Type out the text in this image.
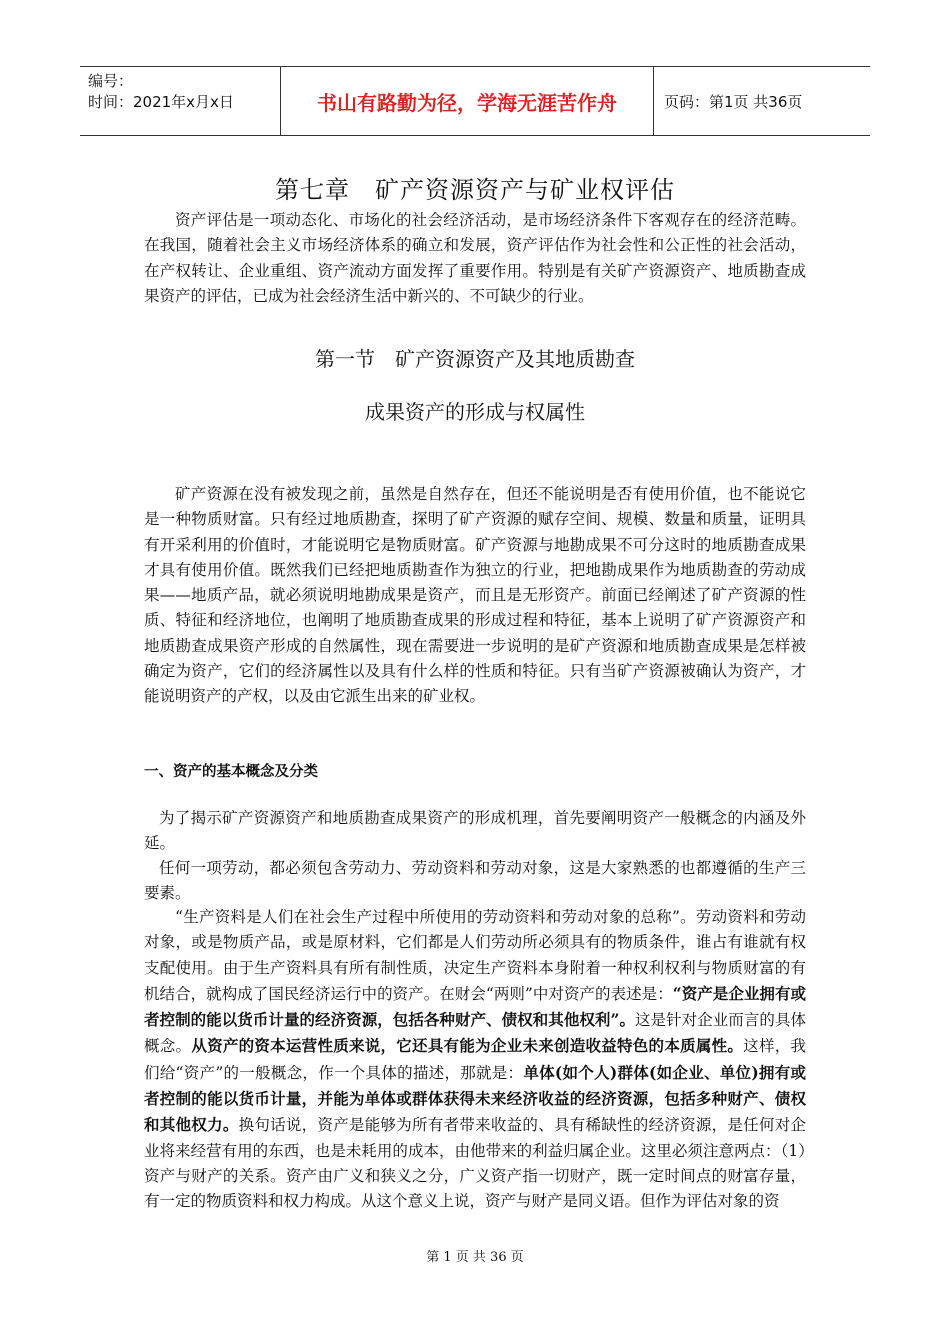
编号：
时间：2021年x月x日	书山有路勤为径，学海无涯苦作舟	页码：第1页 共36页
第七章　矿产资源资产与矿业权评估

资产评估是一项动态化、市场化的社会经济活动，是市场经济条件下客观存在的经济范畴。在我国，随着社会主义市场经济体系的确立和发展，资产评估作为社会性和公正性的社会活动，在产权转让、企业重组、资产流动方面发挥了重要作用。特别是有关矿产资源资产、地质勘查成果资产的评估，已成为社会经济生活中新兴的、不可缺少的行业。

第一节　矿产资源资产及其地质勘查
成果资产的形成与权属性

矿产资源在没有被发现之前，虽然是自然存在，但还不能说明是否有使用价值，也不能说它是一种物质财富。只有经过地质勘查，探明了矿产资源的赋存空间、规模、数量和质量，证明具有开采利用的价值时，才能说明它是物质财富。矿产资源与地勘成果不可分这时的地质勘查成果才具有使用价值。既然我们已经把地质勘查作为独立的行业，把地勘成果作为地质勘查的劳动成果——地质产品，就必须说明地勘成果是资产，而且是无形资产。前面已经阐述了矿产资源的性质、特征和经济地位，也阐明了地质勘查成果的形成过程和特征，基本上说明了矿产资源资产和地质勘查成果资产形成的自然属性，现在需要进一步说明的是矿产资源和地质勘查成果是怎样被确定为资产，它们的经济属性以及具有什么样的性质和特征。只有当矿产资源被确认为资产，才能说明资产的产权，以及由它派生出来的矿业权。

一、资产的基本概念及分类

为了揭示矿产资源资产和地质勘查成果资产的形成机理，首先要阐明资产一般概念的内涵及外延。

任何一项劳动，都必须包含劳动力、劳动资料和劳动对象，这是大家熟悉的也都遵循的生产三要素。

“生产资料是人们在社会生产过程中所使用的劳动资料和劳动对象的总称”。劳动资料和劳动对象，或是物质产品，或是原材料，它们都是人们劳动所必须具有的物质条件，谁占有谁就有权支配使用。由于生产资料具有所有制性质，决定生产资料本身附着一种权利权利与物质财富的有机结合，就构成了国民经济运行中的资产。在财会“两则”中对资产的表述是：“资产是企业拥有或者控制的能以货币计量的经济资源，包括各种财产、债权和其他权利”。这是针对企业而言的具体概念。从资产的资本运营性质来说，它还具有能为企业未来创造收益特色的本质属性。这样，我们给“资产”的一般概念，作一个具体的描述，那就是：单体(如个人)群体(如企业、单位)拥有或者控制的能以货币计量，并能为单体或群体获得未来经济收益的经济资源，包括多种财产、债权和其他权力。换句话说，资产是能够为所有者带来收益的、具有稀缺性的经济资源，是任何对企业将来经营有用的东西，也是未耗用的成本，由他带来的利益归属企业。这里必须注意两点：（1）资产与财产的关系。资产由广义和狭义之分，广义资产指一切财产，既一定时间点的财富存量，有一定的物质资料和权力构成。从这个意义上说，资产与财产是同义语。但作为评估对象的资

第 1 页 共 36 页
